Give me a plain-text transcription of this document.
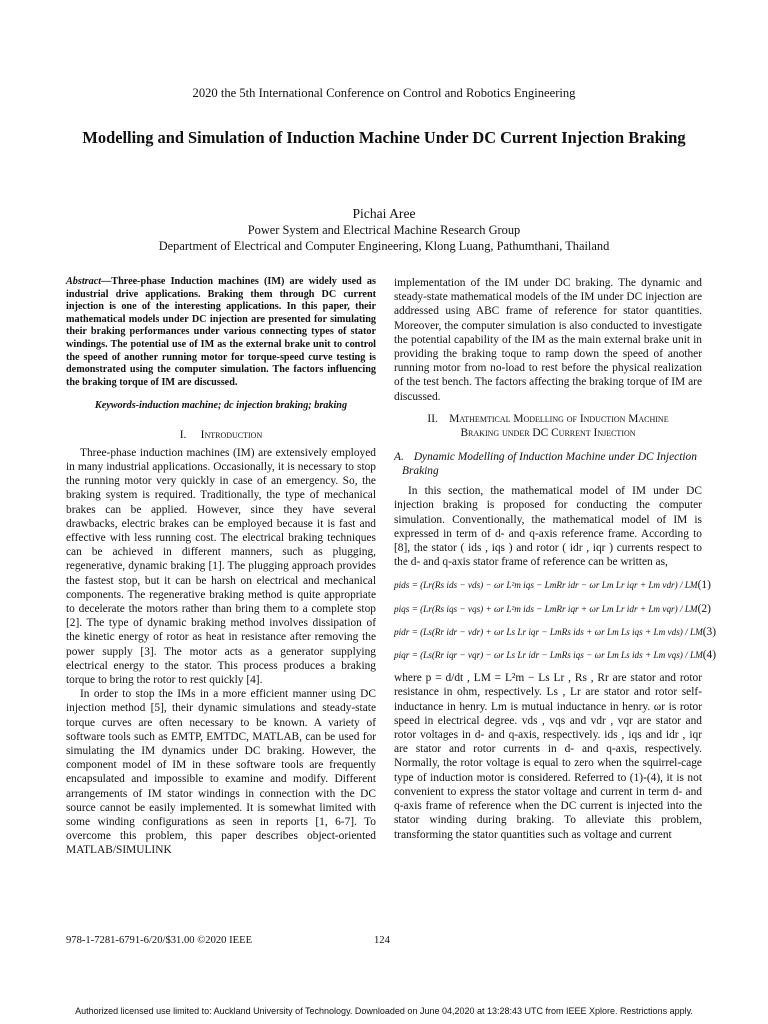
2020 the 5th International Conference on Control and Robotics Engineering
Modelling and Simulation of Induction Machine Under DC Current Injection Braking
Pichai Aree
Power System and Electrical Machine Research Group
Department of Electrical and Computer Engineering, Klong Luang, Pathumthani, Thailand

Abstract—Three-phase Induction machines (IM) are widely used as industrial drive applications. Braking them through DC current injection is one of the interesting applications. In this paper, their mathematical models under DC injection are presented for simulating their braking performances under various connecting types of stator windings. The potential use of IM as the external brake unit to control the speed of another running motor for torque-speed curve testing is demonstrated using the computer simulation. The factors influencing the braking torque of IM are discussed.

Keywords-induction machine; dc injection braking; braking

I. Introduction

Three-phase induction machines (IM) are extensively employed in many industrial applications. Occasionally, it is necessary to stop the running motor very quickly in case of an emergency. So, the braking system is required. Traditionally, the type of mechanical brakes can be applied. However, since they have several drawbacks, electric brakes can be employed because it is fast and effective with less running cost. The electrical braking techniques can be achieved in different manners, such as plugging, regenerative, dynamic braking [1]. The plugging approach provides the fastest stop, but it can be harsh on electrical and mechanical components. The regenerative braking method is quite appropriate to decelerate the motors rather than bring them to a complete stop [2]. The type of dynamic braking method involves dissipation of the kinetic energy of rotor as heat in resistance after removing the power supply [3]. The motor acts as a generator supplying electrical energy to the stator. This process produces a braking torque to bring the rotor to rest quickly [4].

In order to stop the IMs in a more efficient manner using DC injection method [5], their dynamic simulations and steady-state torque curves are often necessary to be known. A variety of software tools such as EMTP, EMTDC, MATLAB, can be used for simulating the IM dynamics under DC braking. However, the component model of IM in these software tools are frequently encapsulated and impossible to examine and modify. Different arrangements of IM stator windings in connection with the DC source cannot be easily implemented. It is somewhat limited with some winding configurations as seen in reports [1, 6-7]. To overcome this problem, this paper describes object-oriented MATLAB/SIMULINK

implementation of the IM under DC braking. The dynamic and steady-state mathematical models of the IM under DC injection are addressed using ABC frame of reference for stator quantities. Moreover, the computer simulation is also conducted to investigate the potential capability of the IM as the main external brake unit in providing the braking toque to ramp down the speed of another running motor from no-load to rest before the physical realization of the test bench. The factors affecting the braking torque of IM are discussed.

II. Mathemtical Modelling of Induction Machine
Braking under DC Current Injection

A. Dynamic Modelling of Induction Machine under DC Injection Braking

In this section, the mathematical model of IM under DC injection braking is proposed for conducting the computer simulation. Conventionally, the mathematical model of IM is expressed in term of d- and q-axis reference frame. According to [8], the stator ( ids , iqs ) and rotor ( idr , iqr ) currents respect to the d- and q-axis stator frame of reference can be written as,

pids = (Lr(Rs ids − vds) − ωr L²m iqs − LmRr idr − ωr Lm Lr iqr + Lm vdr) / LM (1)
piqs = (Lr(Rs iqs − vqs) + ωr L²m ids − LmRr iqr + ωr Lm Lr idr + Lm vqr) / LM (2)
pidr = (Ls(Rr idr − vdr) + ωr Ls Lr iqr − LmRs ids + ωr Lm Ls iqs + Lm vds) / LM (3)
piqr = (Ls(Rr iqr − vqr) − ωr Ls Lr idr − LmRs iqs − ωr Lm Ls ids + Lm vqs) / LM (4)

where p = d/dt , LM = L²m − Ls Lr , Rs , Rr are stator and rotor resistance in ohm, respectively. Ls , Lr are stator and rotor self-inductance in henry. Lm is mutual inductance in henry. ωr is rotor speed in electrical degree. vds , vqs and vdr , vqr are stator and rotor voltages in d- and q-axis, respectively. ids , iqs and idr , iqr are stator and rotor currents in d- and q-axis, respectively. Normally, the rotor voltage is equal to zero when the squirrel-cage type of induction motor is considered. Referred to (1)-(4), it is not convenient to express the stator voltage and current in term d- and q-axis frame of reference when the DC current is injected into the stator winding during braking. To alleviate this problem, transforming the stator quantities such as voltage and current

978-1-7281-6791-6/20/$31.00 ©2020 IEEE	124
Authorized licensed use limited to: Auckland University of Technology. Downloaded on June 04,2020 at 13:28:43 UTC from IEEE Xplore. Restrictions apply.
